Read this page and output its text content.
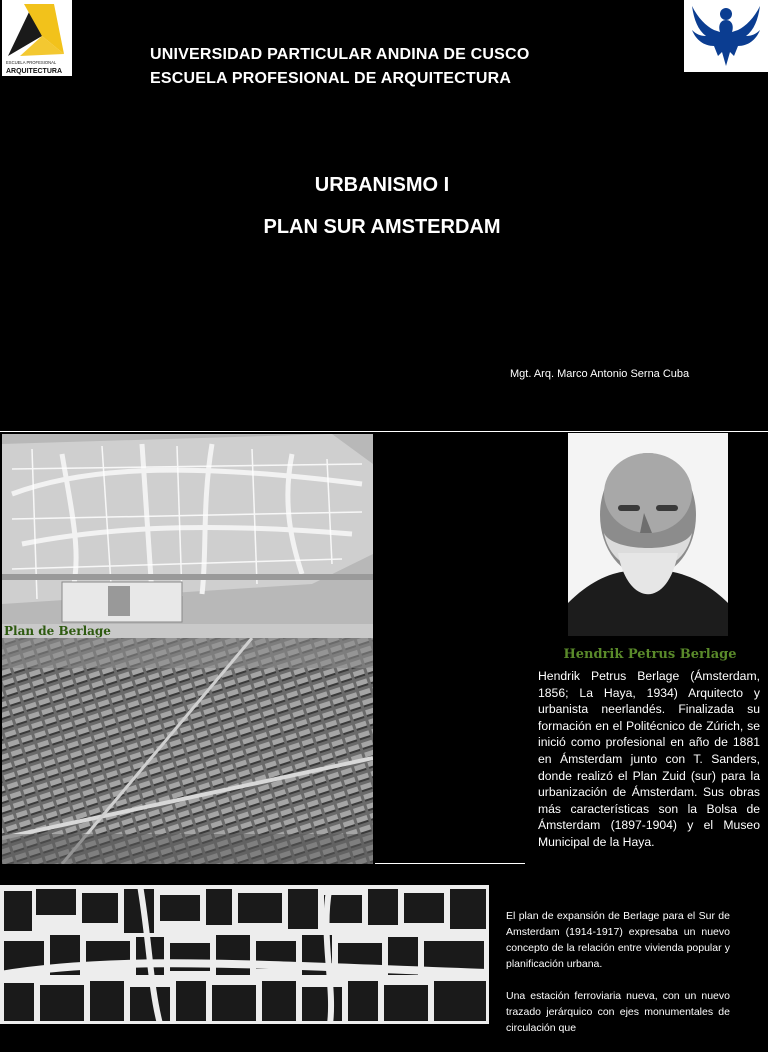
ESCUELA PROFESIONAL
ARQUITECTURA
UNIVERSIDAD PARTICULAR ANDINA DE CUSCO
ESCUELA PROFESIONAL DE ARQUITECTURA
URBANISMO I
PLAN SUR AMSTERDAM
Mgt. Arq. Marco Antonio Serna Cuba
Plan de Berlage
Hendrik Petrus Berlage
Hendrik Petrus Berlage (Ámsterdam, 1856; La Haya, 1934) Arquitecto y urbanista neerlandés. Finalizada su formación en el Politécnico de Zúrich, se inició como profesional en año de 1881 en Ámsterdam junto con T. Sanders, donde realizó el Plan Zuid (sur) para la urbanización de Ámsterdam. Sus obras más características son la Bolsa de Ámsterdam (1897-1904) y el Museo Municipal de la Haya.

El plan de expansión de Berlage para el Sur de Amsterdam (1914-1917) expresaba un nuevo concepto de la relación entre vivienda popular y planificación urbana.

Una estación ferroviaria nueva, con un nuevo trazado jerárquico con ejes monumentales de circulación que
